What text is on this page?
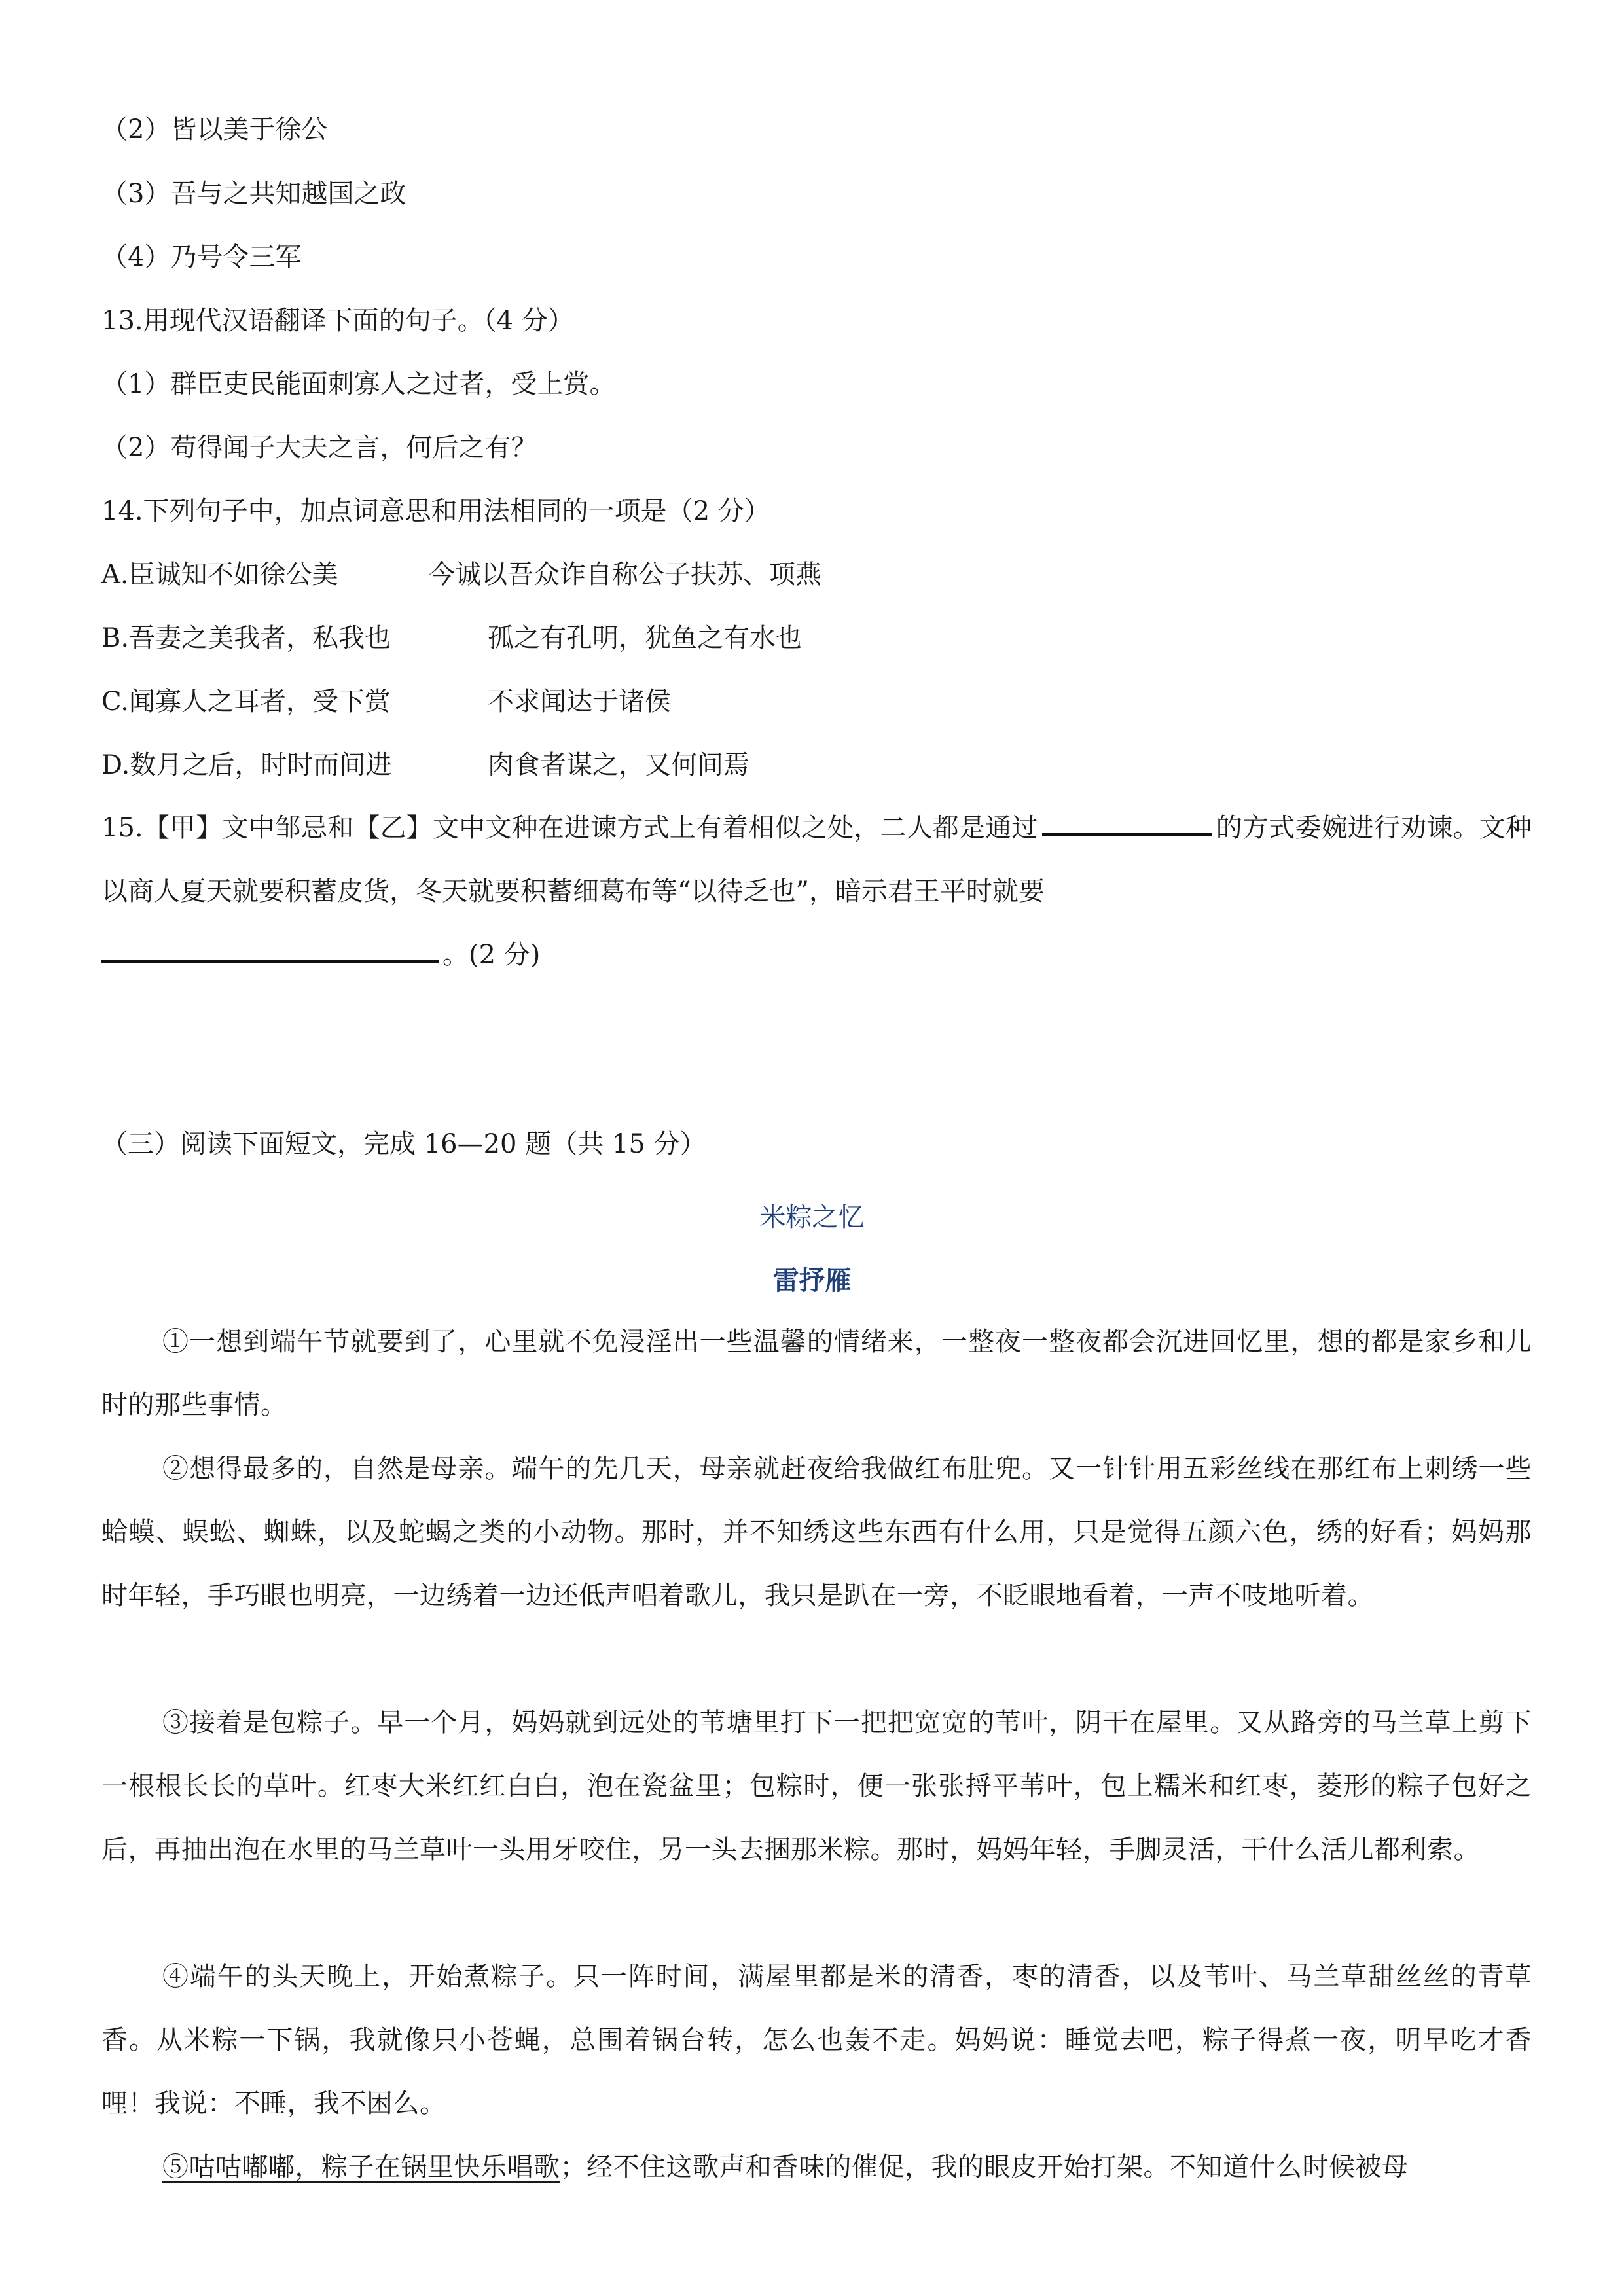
（2）皆以美于徐公
（3）吾与之共知越国之政
（4）乃号令三军
13.用现代汉语翻译下面的句子。（4 分）
（1）群臣吏民能面刺寡人之过者，受上赏。
（2）苟得闻子大夫之言，何后之有？
14.下列句子中，加点词意思和用法相同的一项是（2 分）
A.臣诚知不如徐公美	今诚以吾众诈自称公子扶苏、项燕
B.吾妻之美我者，私我也	孤之有孔明，犹鱼之有水也
C.闻寡人之耳者，受下赏	不求闻达于诸侯
D.数月之后，时时而间进	肉食者谋之，又何间焉
15.【甲】文中邹忌和【乙】文中文种在进谏方式上有着相似之处，二人都是通过	的方式委婉进行劝谏。文种以商人夏天就要积蓄皮货，冬天就要积蓄细葛布等“以待乏也”，暗示君王平时就要
。(2 分)
（三）阅读下面短文，完成 16—20 题（共 15 分）
米粽之忆
雷抒雁
①一想到端午节就要到了，心里就不免浸淫出一些温馨的情绪来，一整夜一整夜都会沉进回忆里，想的都是家乡和儿时的那些事情。
②想得最多的，自然是母亲。端午的先几天，母亲就赶夜给我做红布肚兜。又一针针用五彩丝线在那红布上刺绣一些蛤蟆、蜈蚣、蜘蛛，以及蛇蝎之类的小动物。那时，并不知绣这些东西有什么用，只是觉得五颜六色，绣的好看；妈妈那时年轻，手巧眼也明亮，一边绣着一边还低声唱着歌儿，我只是趴在一旁，不眨眼地看着，一声不吱地听着。
③接着是包粽子。早一个月，妈妈就到远处的苇塘里打下一把把宽宽的苇叶，阴干在屋里。又从路旁的马兰草上剪下一根根长长的草叶。红枣大米红红白白，泡在瓷盆里；包粽时，便一张张捋平苇叶，包上糯米和红枣，菱形的粽子包好之后，再抽出泡在水里的马兰草叶一头用牙咬住，另一头去捆那米粽。那时，妈妈年轻，手脚灵活，干什么活儿都利索。
④端午的头天晚上，开始煮粽子。只一阵时间，满屋里都是米的清香，枣的清香，以及苇叶、马兰草甜丝丝的青草香。从米粽一下锅，我就像只小苍蝇，总围着锅台转，怎么也轰不走。妈妈说：睡觉去吧，粽子得煮一夜，明早吃才香哩！我说：不睡，我不困么。
⑤咕咕嘟嘟，粽子在锅里快乐唱歌；经不住这歌声和香味的催促，我的眼皮开始打架。不知道什么时候被母
